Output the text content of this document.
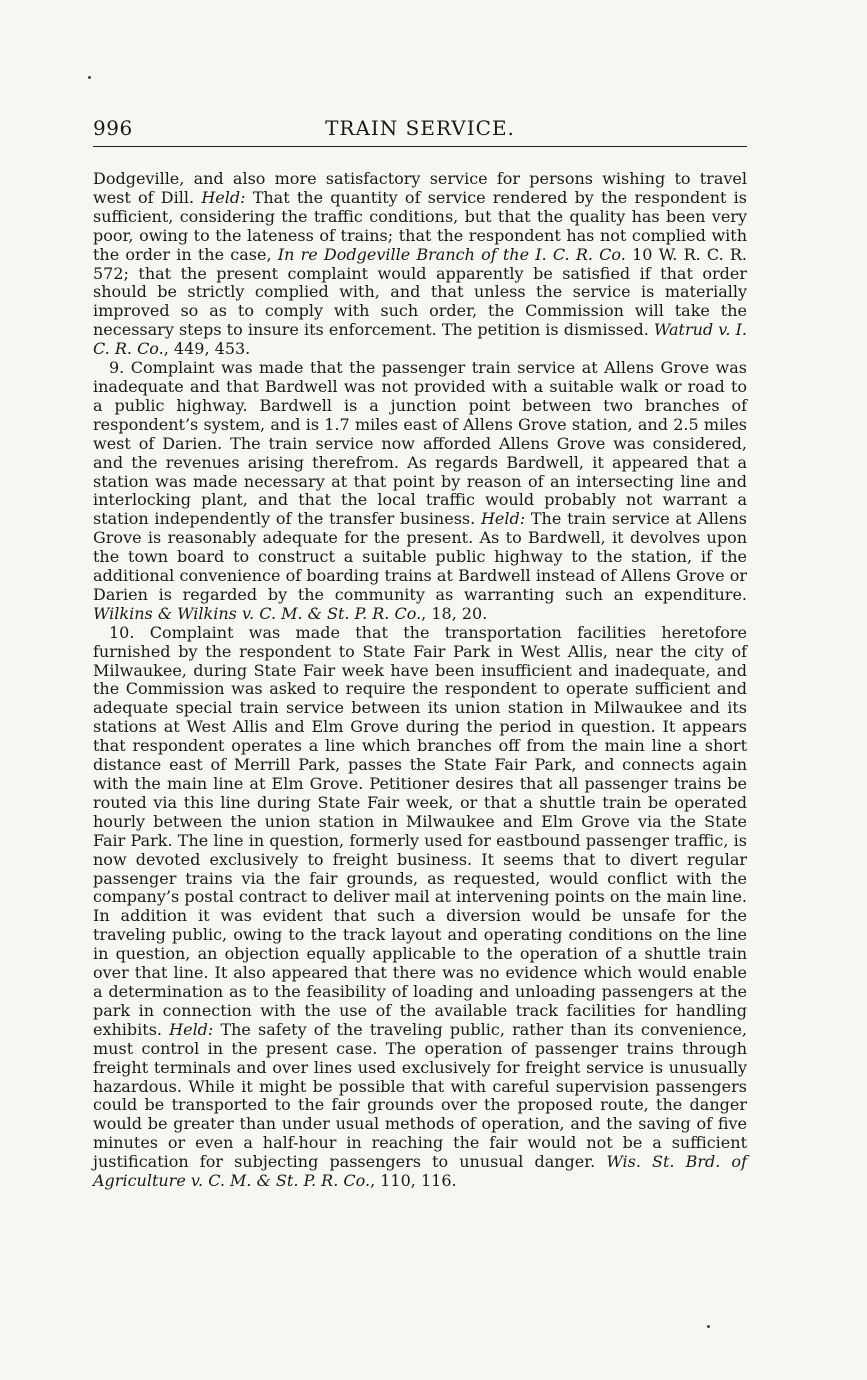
996	TRAIN SERVICE.

Dodgeville, and also more satisfactory service for persons wishing to travel west of Dill. Held: That the quantity of service rendered by the respondent is sufficient, considering the traffic conditions, but that the quality has been very poor, owing to the lateness of trains; that the respondent has not complied with the order in the case, In re Dodgeville Branch of the I. C. R. Co. 10 W. R. C. R. 572; that the present complaint would apparently be satisfied if that order should be strictly complied with, and that unless the service is materially improved so as to comply with such order, the Commission will take the necessary steps to insure its enforcement. The petition is dismissed. Watrud v. I. C. R. Co., 449, 453.

9. Complaint was made that the passenger train service at Allens Grove was inadequate and that Bardwell was not provided with a suitable walk or road to a public highway. Bardwell is a junction point between two branches of respondent’s system, and is 1.7 miles east of Allens Grove station, and 2.5 miles west of Darien. The train service now afforded Allens Grove was considered, and the revenues arising therefrom. As regards Bardwell, it appeared that a station was made necessary at that point by reason of an intersecting line and interlocking plant, and that the local traffic would probably not warrant a station independently of the transfer business. Held: The train service at Allens Grove is reasonably adequate for the present. As to Bardwell, it devolves upon the town board to construct a suitable public highway to the station, if the additional convenience of boarding trains at Bardwell instead of Allens Grove or Darien is regarded by the community as warranting such an expenditure. Wilkins & Wilkins v. C. M. & St. P. R. Co., 18, 20.

10. Complaint was made that the transportation facilities heretofore furnished by the respondent to State Fair Park in West Allis, near the city of Milwaukee, during State Fair week have been insufficient and inadequate, and the Commission was asked to require the respondent to operate sufficient and adequate special train service between its union station in Milwaukee and its stations at West Allis and Elm Grove during the period in question. It appears that respondent operates a line which branches off from the main line a short distance east of Merrill Park, passes the State Fair Park, and connects again with the main line at Elm Grove. Petitioner desires that all passenger trains be routed via this line during State Fair week, or that a shuttle train be operated hourly between the union station in Milwaukee and Elm Grove via the State Fair Park. The line in question, formerly used for eastbound passenger traffic, is now devoted exclusively to freight business. It seems that to divert regular passenger trains via the fair grounds, as requested, would conflict with the company’s postal contract to deliver mail at intervening points on the main line. In addition it was evident that such a diversion would be unsafe for the traveling public, owing to the track layout and operating conditions on the line in question, an objection equally applicable to the operation of a shuttle train over that line. It also appeared that there was no evidence which would enable a determination as to the feasibility of loading and unloading passengers at the park in connection with the use of the available track facilities for handling exhibits. Held: The safety of the traveling public, rather than its convenience, must control in the present case. The operation of passenger trains through freight terminals and over lines used exclusively for freight service is unusually hazardous. While it might be possible that with careful supervision passengers could be transported to the fair grounds over the proposed route, the danger would be greater than under usual methods of operation, and the saving of five minutes or even a half-hour in reaching the fair would not be a sufficient justification for subjecting passengers to unusual danger. Wis. St. Brd. of Agriculture v. C. M. & St. P. R. Co., 110, 116.
